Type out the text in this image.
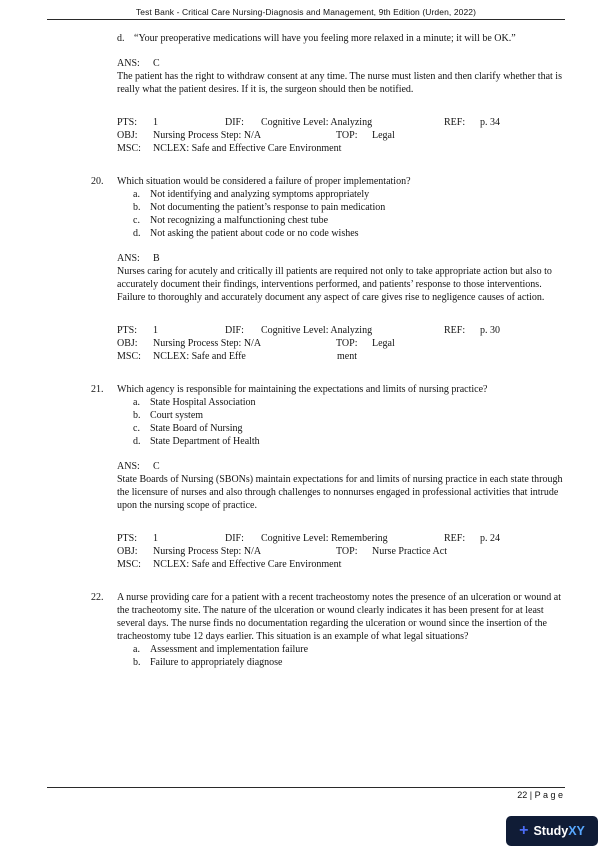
Test Bank - Critical Care Nursing-Diagnosis and Management, 9th Edition (Urden, 2022)
d. “Your preoperative medications will have you feeling more relaxed in a minute; it will be OK.”
ANS:	C
The patient has the right to withdraw consent at any time. The nurse must listen and then clarify whether that is really what the patient desires. If it is, the surgeon should then be notified.
PTS:	1	DIF:	Cognitive Level: Analyzing	REF:	p. 34
OBJ:	Nursing Process Step: N/A	TOP:	Legal
MSC:	NCLEX: Safe and Effective Care Environment
20.	Which situation would be considered a failure of proper implementation?
a.	Not identifying and analyzing symptoms appropriately
b. Not documenting the patient’s response to pain medication
c.	Not recognizing a malfunctioning chest tube
d. Not asking the patient about code or no code wishes
ANS:	B
Nurses caring for acutely and critically ill patients are required not only to take appropriate action but also to accurately document their findings, interventions performed, and patients’ response to those interventions. Failure to thoroughly and accurately document any aspect of care gives rise to negligence causes of action.
PTS:	1	DIF:	Cognitive Level: Analyzing	REF:	p. 30
OBJ:	Nursing Process Step: N/A	TOP:	Legal
MSC:	NCLEX: Safe and Effe	ment
21.	Which agency is responsible for maintaining the expectations and limits of nursing practice?
a.	State Hospital Association
b. Court system
c.	State Board of Nursing
d. State Department of Health
ANS:	C
State Boards of Nursing (SBONs) maintain expectations for and limits of nursing practice in each state through the licensure of nurses and also through challenges to nonnurses engaged in professional activities that intrude upon the nursing scope of practice.
PTS:	1	DIF:	Cognitive Level: Remembering	REF:	p. 24
OBJ:	Nursing Process Step: N/A	TOP:	Nurse Practice Act
MSC:	NCLEX: Safe and Effective Care Environment
22.	A nurse providing care for a patient with a recent tracheostomy notes the presence of an ulceration or wound at the tracheotomy site. The nature of the ulceration or wound clearly indicates it has been present for at least several days. The nurse finds no documentation regarding the ulceration or wound since the insertion of the tracheostomy tube 12 days earlier. This situation is an example of what legal situations?
a.	Assessment and implementation failure
b. Failure to appropriately diagnose
22 | P a g e
+ Study XY
